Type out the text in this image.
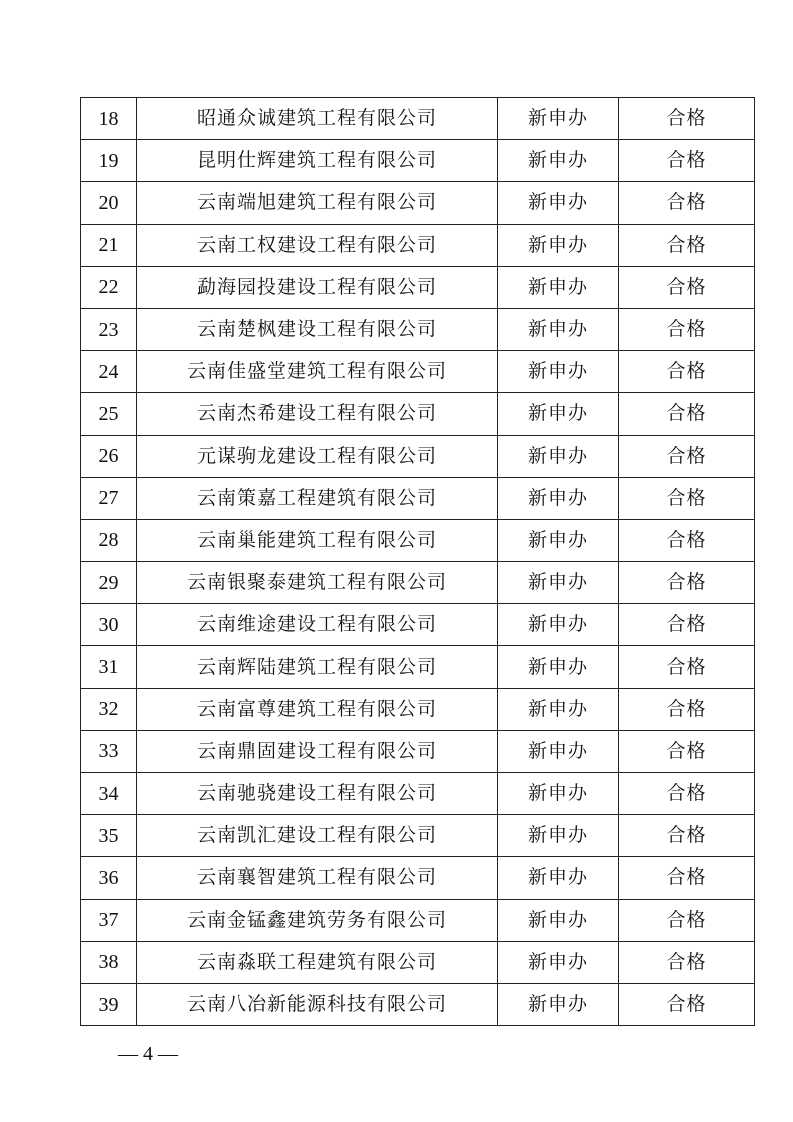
18	昭通众诚建筑工程有限公司	新申办	合格
19	昆明仕辉建筑工程有限公司	新申办	合格
20	云南端旭建筑工程有限公司	新申办	合格
21	云南工权建设工程有限公司	新申办	合格
22	勐海园投建设工程有限公司	新申办	合格
23	云南楚枫建设工程有限公司	新申办	合格
24	云南佳盛堂建筑工程有限公司	新申办	合格
25	云南杰希建设工程有限公司	新申办	合格
26	元谋驹龙建设工程有限公司	新申办	合格
27	云南策嘉工程建筑有限公司	新申办	合格
28	云南巢能建筑工程有限公司	新申办	合格
29	云南银聚泰建筑工程有限公司	新申办	合格
30	云南维途建设工程有限公司	新申办	合格
31	云南辉陆建筑工程有限公司	新申办	合格
32	云南富尊建筑工程有限公司	新申办	合格
33	云南鼎固建设工程有限公司	新申办	合格
34	云南驰骁建设工程有限公司	新申办	合格
35	云南凯汇建设工程有限公司	新申办	合格
36	云南襄智建筑工程有限公司	新申办	合格
37	云南金锰鑫建筑劳务有限公司	新申办	合格
38	云南淼联工程建筑有限公司	新申办	合格
39	云南八冶新能源科技有限公司	新申办	合格
— 4 —
